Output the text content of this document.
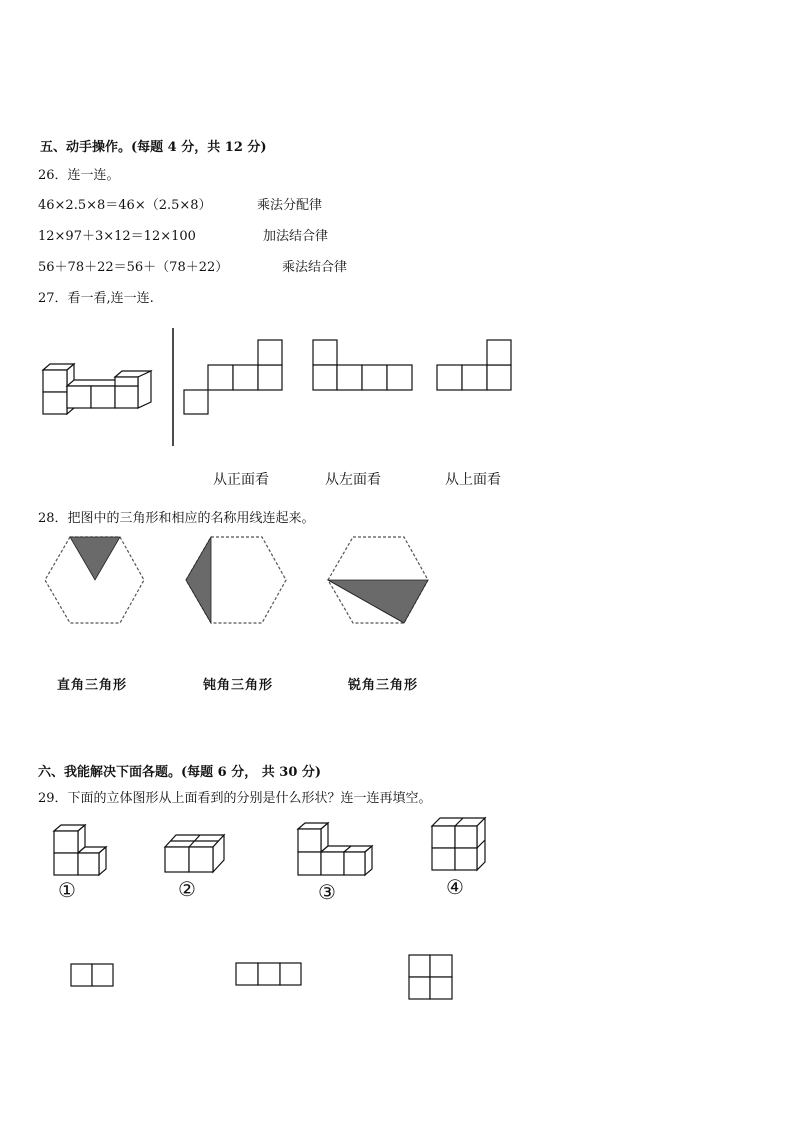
五、动手操作。(每题 4 分，共 12 分)
26．连一连。
46×2.5×8＝46×（2.5×8）
12×97＋3×12＝12×100
56＋78＋22＝56＋（78＋22）
乘法分配律
加法结合律
乘法结合律
27．看一看,连一连.
从正面看	从左面看	从上面看
28．把图中的三角形和相应的名称用线连起来。
直角三角形	钝角三角形	锐角三角形
六、我能解决下面各题。(每题 6 分， 共 30 分)
29．下面的立体图形从上面看到的分别是什么形状？连一连再填空。
①	②	③	④
